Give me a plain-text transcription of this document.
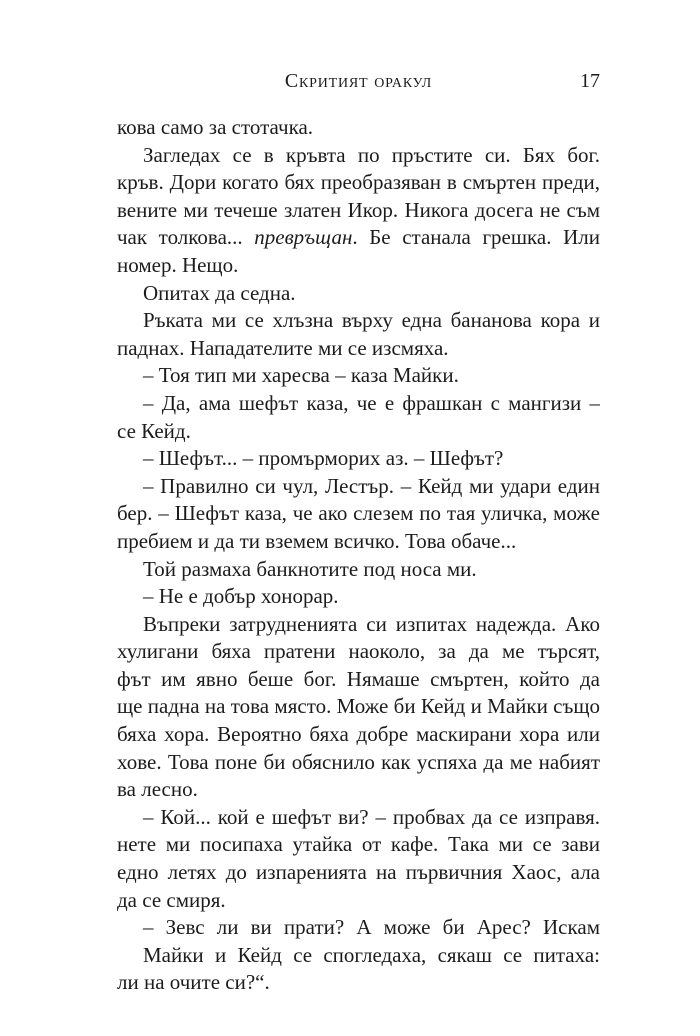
Скритият оракул	17
кова само за стотачка.
Загледах се в кръвта по пръстите си. Бях бог.
кръв. Дори когато бях преобразяван в смъртен преди,
вените ми течеше златен Икор. Никога досега не съм
чак толкова... превръщан. Бе станала грешка. Или
номер. Нещо.
Опитах да седна.
Ръката ми се хлъзна върху една бананова кора и
паднах. Нападателите ми се изсмяха.
– Тоя тип ми харесва – каза Майки.
– Да, ама шефът каза, че е фрашкан с мангизи –
се Кейд.
– Шефът... – промърморих аз. – Шефът?
– Правилно си чул, Лестър. – Кейд ми удари един
бер. – Шефът каза, че ако слезем по тая уличка, може
пребием и да ти вземем всичко. Това обаче...
Той размаха банкнотите под носа ми.
– Не е добър хонорар.
Въпреки затрудненията си изпитах надежда. Ако
хулигани бяха пратени наоколо, за да ме търсят,
фът им явно беше бог. Нямаше смъртен, който да
ще падна на това място. Може би Кейд и Майки също
бяха хора. Вероятно бяха добре маскирани хора или
хове. Това поне би обяснило как успяха да ме набият
ва лесно.
– Кой... кой е шефът ви? – пробвах да се изправя.
нете ми посипаха утайка от кафе. Така ми се зави
едно летях до изпаренията на първичния Хаос, ала
да се смиря.
– Зевс ли ви прати? А може би Арес? Искам
Майки и Кейд се спогледаха, сякаш се питаха:
ли на очите си?“.
